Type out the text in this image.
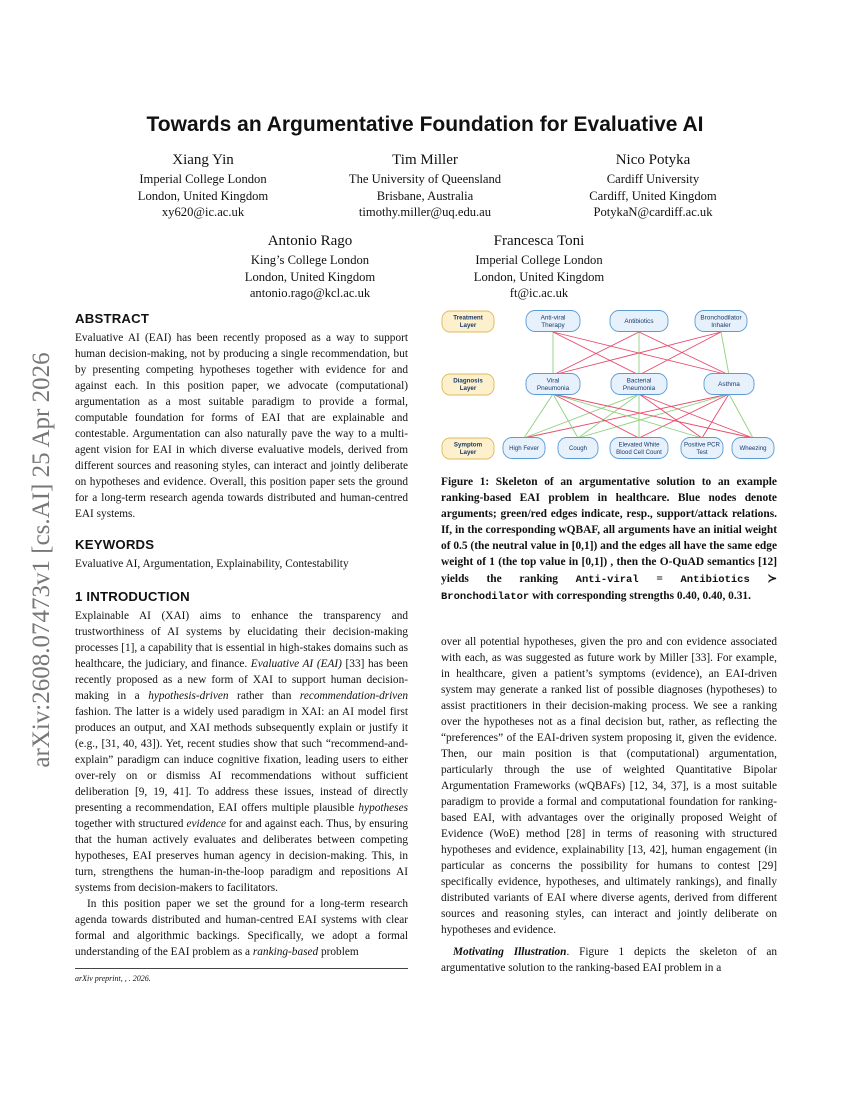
arXiv:2608.07473v1 [cs.AI] 25 Apr 2026
Towards an Argumentative Foundation for Evaluative AI
Xiang Yin
Imperial College London
London, United Kingdom
xy620@ic.ac.uk
Tim Miller
The University of Queensland
Brisbane, Australia
timothy.miller@uq.edu.au
Nico Potyka
Cardiff University
Cardiff, United Kingdom
PotykaN@cardiff.ac.uk
Antonio Rago
King’s College London
London, United Kingdom
antonio.rago@kcl.ac.uk
Francesca Toni
Imperial College London
London, United Kingdom
ft@ic.ac.uk
ABSTRACT

Evaluative AI (EAI) has been recently proposed as a way to support human decision-making, not by producing a single recommendation, but by presenting competing hypotheses together with evidence for and against each. In this position paper, we advocate (computational) argumentation as a most suitable paradigm to provide a formal, computable foundation for forms of EAI that are explainable and contestable. Argumentation can also naturally pave the way to a multi-agent vision for EAI in which diverse evaluative models, derived from different sources and reasoning styles, can interact and jointly deliberate on hypotheses and evidence. Overall, this position paper sets the ground for a long-term research agenda towards distributed and human-centred EAI systems.

KEYWORDS

Evaluative AI, Argumentation, Explainability, Contestability

1 INTRODUCTION

Explainable AI (XAI) aims to enhance the transparency and trustworthiness of AI systems by elucidating their decision-making processes [1], a capability that is essential in high-stakes domains such as healthcare, the judiciary, and finance. Evaluative AI (EAI) [33] has been recently proposed as a new form of XAI to support human decision-making in a hypothesis-driven rather than recommendation-driven fashion. The latter is a widely used paradigm in XAI: an AI model first produces an output, and XAI methods subsequently explain or justify it (e.g., [31, 40, 43]). Yet, recent studies show that such “recommend-and-explain” paradigm can induce cognitive fixation, leading users to either over-rely on or dismiss AI recommendations without sufficient deliberation [9, 19, 41]. To address these issues, instead of directly presenting a recommendation, EAI offers multiple plausible hypotheses together with structured evidence for and against each. Thus, by ensuring that the human actively evaluates and deliberates between competing hypotheses, EAI preserves human agency in decision-making. This, in turn, strengthens the human-in-the-loop paradigm and repositions AI systems from decision-makers to facilitators.

In this position paper we set the ground for a long-term research agenda towards distributed and human-centred EAI systems with clear formal and algorithmic backings. Specifically, we adopt a formal understanding of the EAI problem as a ranking-based problem

arXiv preprint, , . 2026.
Treatment
Layer
Diagnosis
Layer
Symptom
Layer
Anti-viral
Therapy
Antibiotics
Bronchodilator
Inhaler
Viral
Pneumonia
Bacterial
Pneumonia
Asthma
High Fever	Cough
Elevated White
Blood Cell Count
Positive PCR
Test
Wheezing

Figure 1: Skeleton of an argumentative solution to an example ranking-based EAI problem in healthcare. Blue nodes denote arguments; green/red edges indicate, resp., support/attack relations. If, in the corresponding wQBAF, all arguments have an initial weight of 0.5 (the neutral value in [0,1]) and the edges all have the same edge weight of 1 (the top value in [0,1]) , then the O-QuAD semantics [12] yields the ranking Anti-viral = Antibiotics ≻ Bronchodilator with corresponding strengths 0.40, 0.40, 0.31.

over all potential hypotheses, given the pro and con evidence associated with each, as was suggested as future work by Miller [33]. For example, in healthcare, given a patient’s symptoms (evidence), an EAI-driven system may generate a ranked list of possible diagnoses (hypotheses) to assist practitioners in their decision-making process. We see a ranking over the hypotheses not as a final decision but, rather, as reflecting the “preferences” of the EAI-driven system proposing it, given the evidence. Then, our main position is that (computational) argumentation, particularly through the use of weighted Quantitative Bipolar Argumentation Frameworks (wQBAFs) [12, 34, 37], is a most suitable paradigm to provide a formal and computational foundation for ranking-based EAI, with advantages over the originally proposed Weight of Evidence (WoE) method [28] in terms of reasoning with structured hypotheses and evidence, explainability [13, 42], human engagement (in particular as concerns the possibility for humans to contest [29] specifically evidence, hypotheses, and ultimately rankings), and finally distributed variants of EAI where diverse agents, derived from different sources and reasoning styles, can interact and jointly deliberate on hypotheses and evidence.

Motivating Illustration. Figure 1 depicts the skeleton of an argumentative solution to the ranking-based EAI problem in a
